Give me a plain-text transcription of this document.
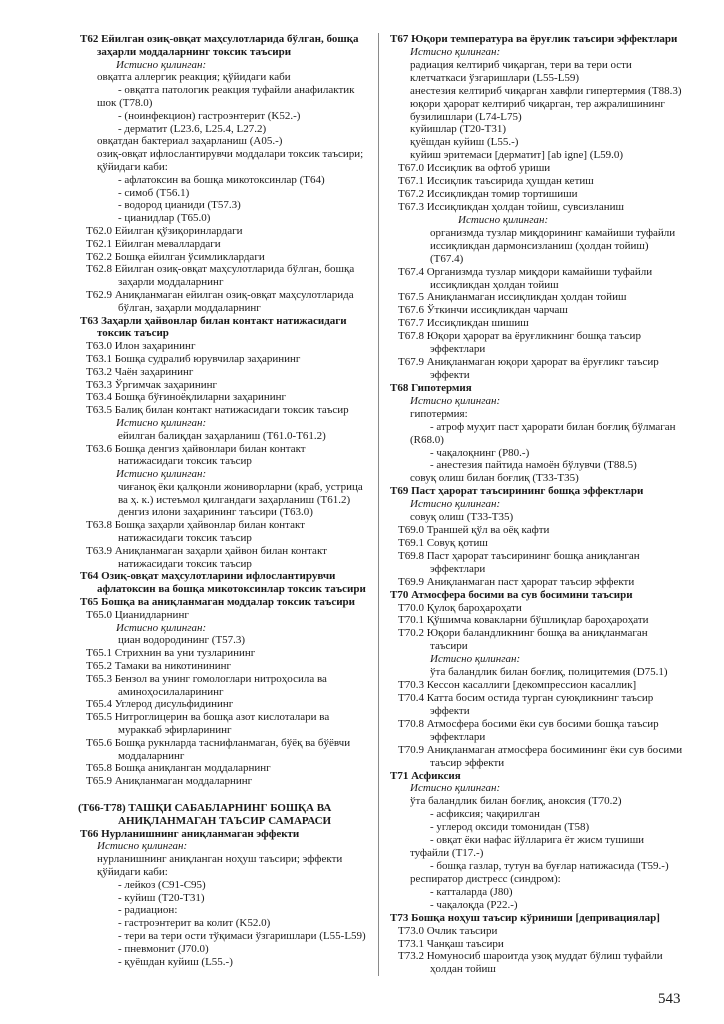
T62 Ейилган озиқ-овқат маҳсулотларида бўлган, бошқа
заҳарли моддаларнинг токсик таъсири
Истисно қилинган:
овқатга аллергик реакция; қўйидаги каби
- овқатга патологик реакция туфайли анафилактик
шок (T78.0)
- (ноинфекцион) гастроэнтерит (K52.-)
- дерматит (L23.6, L25.4, L27.2)
овқатдан бактериал заҳарланиш (A05.-)
озиқ-овқат ифлослантирувчи моддалари токсик таъсири;
қўйидаги каби:
- афлатоксин ва бошқа микотоксинлар (T64)
- симоб (T56.1)
- водород цианиди (T57.3)
- цианидлар (T65.0)
T62.0 Ейилган қўзиқоринлардаги
T62.1 Ейилган меваллардаги
T62.2 Бошқа ейилган ўсимликлардаги
T62.8 Ейилган озиқ-овқат маҳсулотларида бўлган, бошқа
заҳарли моддаларнинг
T62.9 Аниқланмаган ейилган озиқ-овқат маҳсулотларида
бўлган, заҳарли моддаларнинг
T63 Заҳарли ҳайвонлар билан контакт натижасидаги
токсик таъсир
T63.0 Илон заҳарининг
T63.1 Бошқа судралиб юрувчилар заҳарининг
T63.2 Чаён заҳарининг
T63.3 Ўргимчак заҳарининг
T63.4 Бошқа бўғиноёқлиларни заҳарининг
T63.5 Балиқ билан контакт натижасидаги токсик таъсир
Истисно қилинган:
ейилган балиқдан заҳарланиш (T61.0-T61.2)
T63.6 Бошқа денгиз ҳайвонлари билан контакт
натижасидаги токсик таъсир
Истисно қилинган:
чиғаноқ ёки қалқонли жониворларни (краб, устрица
ва ҳ. к.) истеъмол қилгандаги заҳарланиш (T61.2)
денгиз илони заҳарининг таъсири (T63.0)
T63.8 Бошқа заҳарли ҳайвонлар билан контакт
натижасидаги токсик таъсир
T63.9 Аниқланмаган заҳарли ҳайвон билан контакт
натижасидаги токсик таъсир
T64 Озиқ-овқат маҳсулотларини ифлослантирувчи
афлатоксин ва бошқа микотоксинлар токсик таъсири
T65 Бошқа ва аниқланмаган моддалар токсик таъсири
T65.0 Цианидларнинг
Истисно қилинган:
циан водородининг (T57.3)
T65.1 Стрихнин ва уни тузларининг
T65.2 Тамаки ва никотинининг
T65.3 Бензол ва унинг гомологлари нитроҳосила ва
аминоҳосилаларининг
T65.4 Углерод дисульфидининг
T65.5 Нитроглицерин ва бошқа азот кислоталари ва
мураккаб эфирларининг
T65.6 Бошқа рукнларда таснифланмаган, бўёқ ва бўёвчи
моддаларнинг
T65.8 Бошқа аниқланган моддаларнинг
T65.9 Аниқланмаган моддаларнинг
(T66-T78) ТАШҚИ САБАБЛАРНИНГ БОШҚА ВА
АНИҚЛАНМАГАН ТАЪСИР САМАРАСИ
T66 Нурланишнинг аниқланмаган эффекти
Истисно қилинган:
нурланишнинг аниқланган ноҳуш таъсири; эффекти
қўйидаги каби:
- лейкоз (C91-C95)
- куйиш (T20-T31)
- радиацион:
- гастроэнтерит ва колит (K52.0)
- тери ва тери ости тўқимаси ўзгаришлари (L55-L59)
- пневмонит (J70.0)
- қуёшдан куйиш (L55.-)
T67 Юқори температура ва ёруғлик таъсири эффектлари
Истисно қилинган:
радиация келтириб чиқарган, тери ва тери ости
клетчаткаси ўзгаришлари (L55-L59)
анестезия келтириб чиқарган хавфли гипертермия (T88.3)
юқори ҳарорат келтириб чиқарган, тер ажралишининг
бузилишлари (L74-L75)
куйишлар (T20-T31)
қуёшдан куйиш (L55.-)
куйиш эритемаси [дерматит] [ab igne] (L59.0)
T67.0 Иссиқлик ва офтоб уриши
T67.1 Иссиқлик таъсирида ҳушдан кетиш
T67.2 Иссиқликдан томир тортишиши
T67.3 Иссиқликдан ҳолдан тойиш, сувсизланиш
Истисно қилинган:
организмда тузлар миқдорининг камайиши туфайли
иссиқликдан дармонсизланиш (ҳолдан тойиш)
(T67.4)
T67.4 Организмда тузлар миқдори камайиши туфайли
иссиқликдан ҳолдан тойиш
T67.5 Аниқланмаган иссиқликдан ҳолдан тойиш
T67.6 Ўткинчи иссиқликдан чарчаш
T67.7 Иссиқликдан шишиш
T67.8 Юқори ҳарорат ва ёруғликнинг бошқа таъсир
эффектлари
T67.9 Аниқланмаган юқори ҳарорат ва ёруғликг таъсир
эффекти
T68 Гипотермия
Истисно қилинган:
гипотермия:
- атроф муҳит паст ҳарорати билан боғлиқ бўлмаган
(R68.0)
- чақалоқнинг (P80.-)
- анестезия пайтида намоён бўлувчи (T88.5)
совуқ олиш билан боғлиқ (T33-T35)
T69 Паст ҳарорат таъсирининг бошқа эффектлари
Истисно қилинган:
совуқ олиш (T33-T35)
T69.0 Траншей қўл ва оёқ кафти
T69.1 Совуқ қотиш
T69.8 Паст ҳарорат таъсирининг бошқа аниқланган
эффектлари
T69.9 Аниқланмаган паст ҳарорат таъсир эффекти
T70 Атмосфера босими ва сув босимини таъсири
T70.0 Қулоқ бароҳароҳати
T70.1 Қўшимча ковакларни бўшлиқлар бароҳароҳати
T70.2 Юқори баландликнинг бошқа ва аниқланмаган
таъсири
Истисно қилинган:
ўта баландлик билан боғлиқ, полицитемия (D75.1)
T70.3 Кессон касаллиги [декомпрессион касаллик]
T70.4 Катта босим остида турган суюқликнинг таъсир
эффекти
T70.8 Атмосфера босими ёки сув босими бошқа таъсир
эффектлари
T70.9 Аниқланмаган атмосфера босимининг ёки сув босими
таъсир эффекти
T71 Асфиксия
Истисно қилинган:
ўта баландлик билан боғлиқ, аноксия (T70.2)
- асфиксия; чақирилган
- углерод оксиди томонидан (T58)
- овқат ёки нафас йўлларига ёт жисм тушиши
туфайли (T17.-)
- бошқа газлар, тутун ва буғлар натижасида (T59.-)
респиратор дистресс (синдром):
- катталарда (J80)
- чақалоқда (P22.-)
T73 Бошқа ноҳуш таъсир кўриниши [депривациялар]
T73.0 Очлик таъсири
T73.1 Чанқаш таъсири
T73.2 Номуносиб шароитда узоқ муддат бўлиш туфайли
ҳолдан тойиш
543
